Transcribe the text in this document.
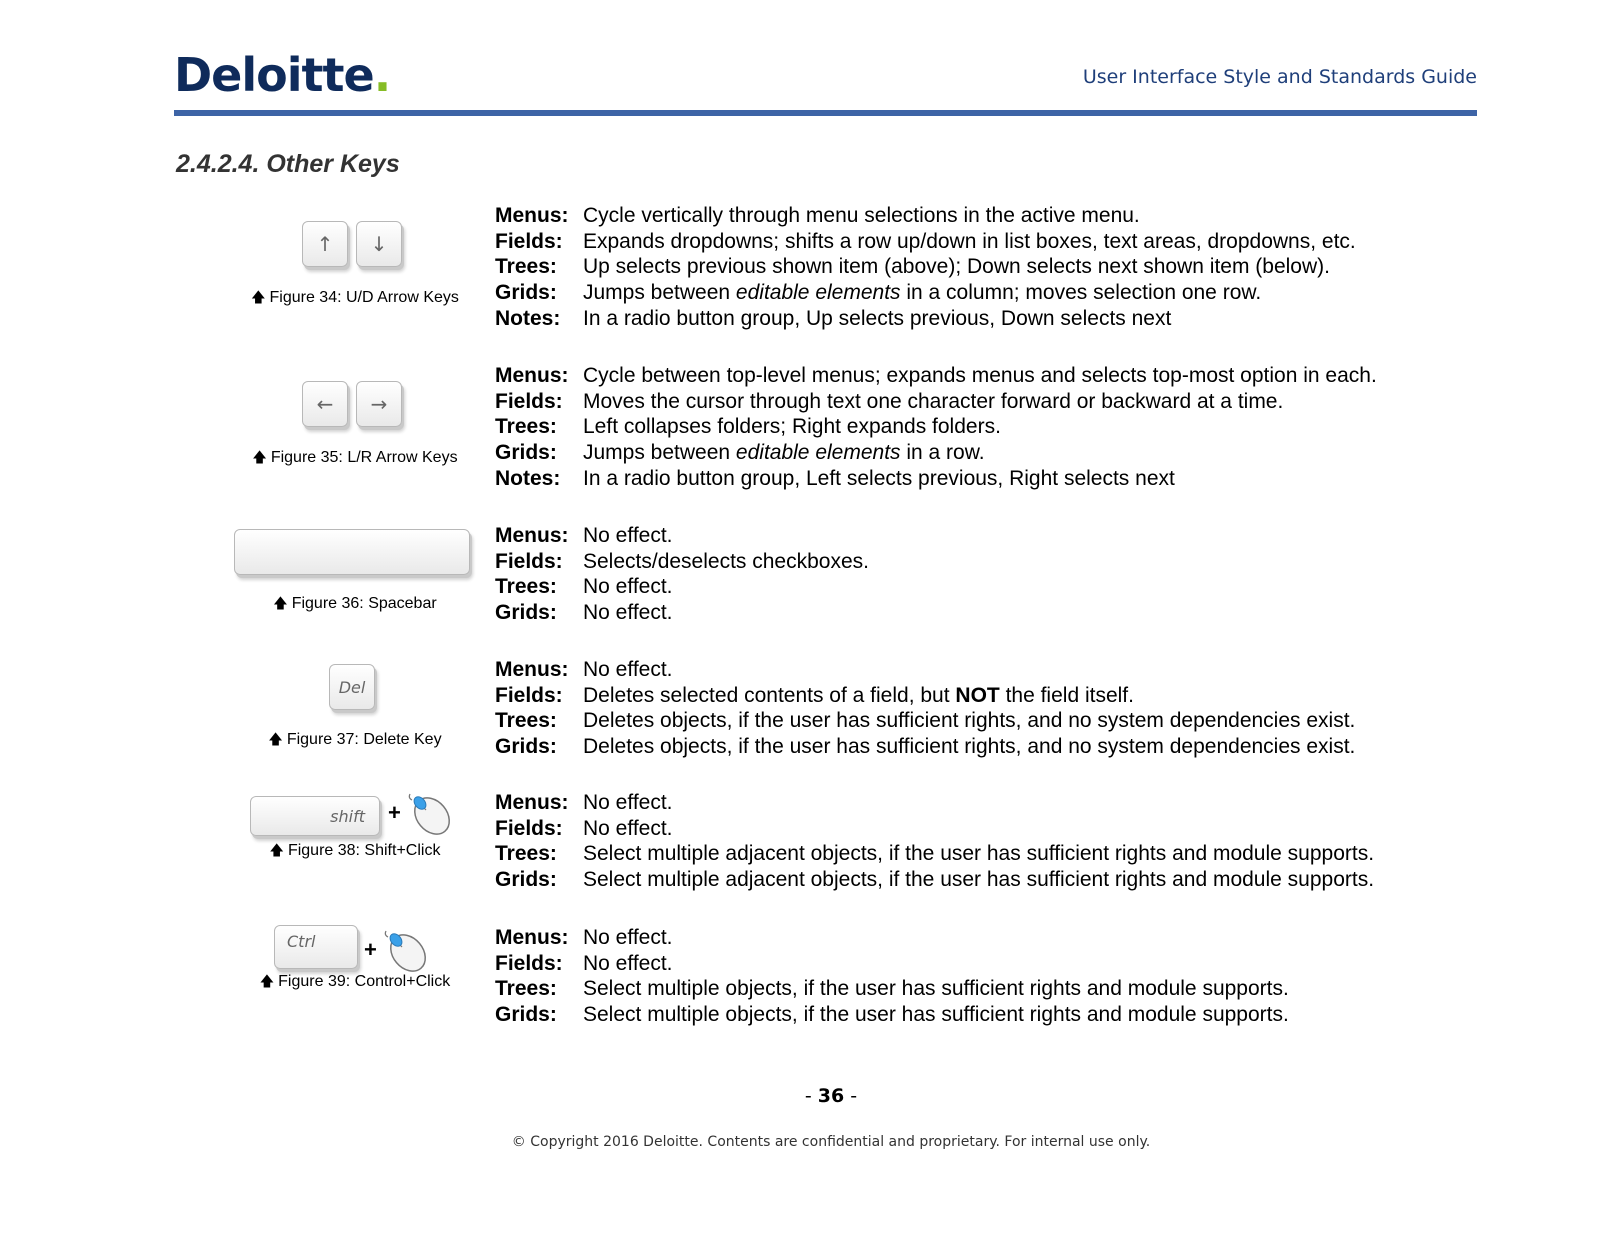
Deloitte.	User Interface Style and Standards Guide
2.4.2.4. Other Keys
↑	↓
🡅 Figure 34: U/D Arrow Keys
Menus: Cycle vertically through menu selections in the active menu.
Fields: Expands dropdowns; shifts a row up/down in list boxes, text areas, dropdowns, etc.
Trees:	Up selects previous shown item (above); Down selects next shown item (below).
Grids:	Jumps between editable elements in a column; moves selection one row.
Notes:	In a radio button group, Up selects previous, Down selects next
←	→
🡅 Figure 35: L/R Arrow Keys
Menus: Cycle between top-level menus; expands menus and selects top-most option in each.
Fields: Moves the cursor through text one character forward or backward at a time.
Trees:	Left collapses folders; Right expands folders.
Grids:	Jumps between editable elements in a row.
Notes:	In a radio button group, Left selects previous, Right selects next
🡅 Figure 36: Spacebar
Menus: No effect.
Fields: Selects/deselects checkboxes.
Trees:	No effect.
Grids:	No effect.
Del
🡅 Figure 37: Delete Key
Menus: No effect.
Fields: Deletes selected contents of a field, but NOT the field itself.
Trees:	Deletes objects, if the user has sufficient rights, and no system dependencies exist.
Grids:	Deletes objects, if the user has sufficient rights, and no system dependencies exist.
shift	+
🡅 Figure 38: Shift+Click
Menus: No effect.
Fields: No effect.
Trees:	Select multiple adjacent objects, if the user has sufficient rights and module supports.
Grids:	Select multiple adjacent objects, if the user has sufficient rights and module supports.
Ctrl	+
🡅 Figure 39: Control+Click
Menus: No effect.
Fields: No effect.
Trees:	Select multiple objects, if the user has sufficient rights and module supports.
Grids:	Select multiple objects, if the user has sufficient rights and module supports.
- 36 -
© Copyright 2016 Deloitte. Contents are confidential and proprietary. For internal use only.
